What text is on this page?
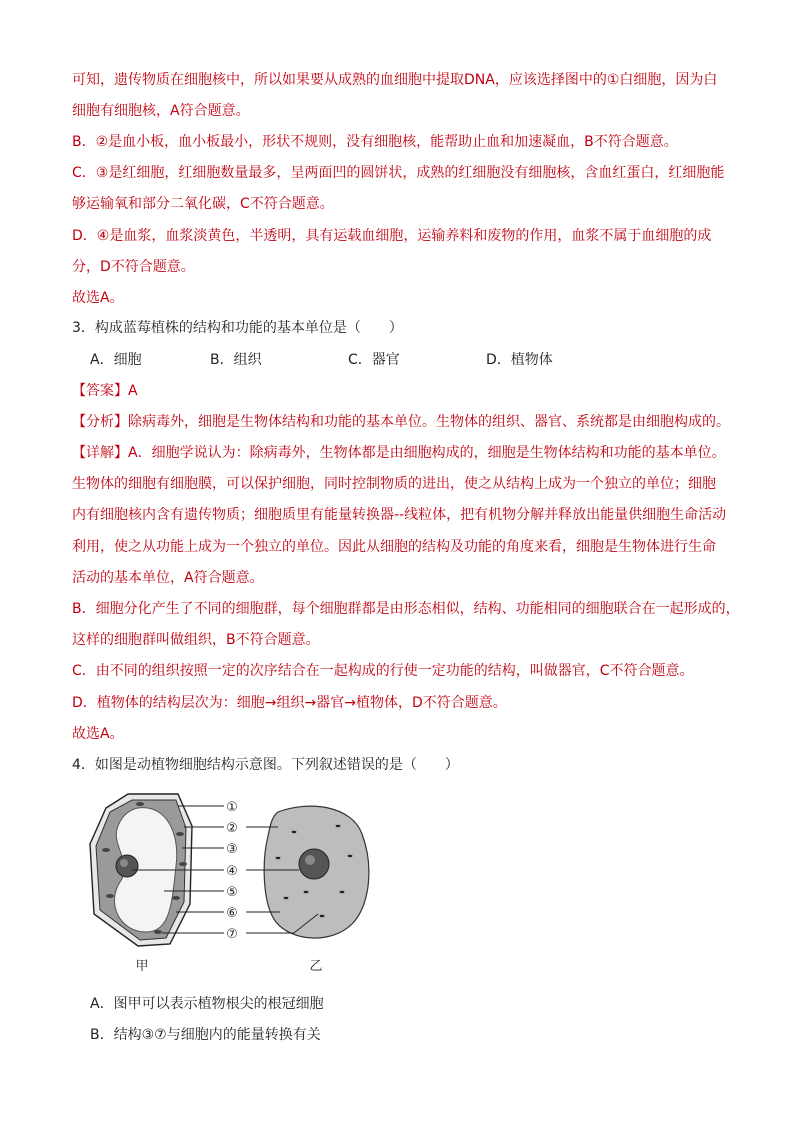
可知，遗传物质在细胞核中，所以如果要从成熟的血细胞中提取DNA，应该选择图中的①白细胞，因为白
细胞有细胞核，A符合题意。
B．②是血小板，血小板最小，形状不规则，没有细胞核，能帮助止血和加速凝血，B不符合题意。
C．③是红细胞，红细胞数量最多，呈两面凹的圆饼状，成熟的红细胞没有细胞核，含血红蛋白，红细胞能
够运输氧和部分二氧化碳，C不符合题意。
D．④是血浆，血浆淡黄色，半透明，具有运载血细胞，运输养料和废物的作用，血浆不属于血细胞的成
分，D不符合题意。
故选A。
3．构成蓝莓植株的结构和功能的基本单位是（　　）
A．细胞	B．组织	C．器官	D．植物体
【答案】A
【分析】除病毒外，细胞是生物体结构和功能的基本单位。生物体的组织、器官、系统都是由细胞构成的。
【详解】A．细胞学说认为：除病毒外，生物体都是由细胞构成的，细胞是生物体结构和功能的基本单位。
生物体的细胞有细胞膜，可以保护细胞，同时控制物质的进出，使之从结构上成为一个独立的单位；细胞
内有细胞核内含有遗传物质；细胞质里有能量转换器--线粒体，把有机物分解并释放出能量供细胞生命活动
利用，使之从功能上成为一个独立的单位。因此从细胞的结构及功能的角度来看，细胞是生物体进行生命
活动的基本单位，A符合题意。
B．细胞分化产生了不同的细胞群，每个细胞群都是由形态相似，结构、功能相同的细胞联合在一起形成的，
这样的细胞群叫做组织，B不符合题意。
C．由不同的组织按照一定的次序结合在一起构成的行使一定功能的结构，叫做器官，C不符合题意。
D．植物体的结构层次为：细胞→组织→器官→植物体，D不符合题意。
故选A。
4．如图是动植物细胞结构示意图。下列叙述错误的是（　　）
①
②
③
④
⑤
⑥
⑦
甲	乙
A．图甲可以表示植物根尖的根冠细胞
B．结构③⑦与细胞内的能量转换有关
